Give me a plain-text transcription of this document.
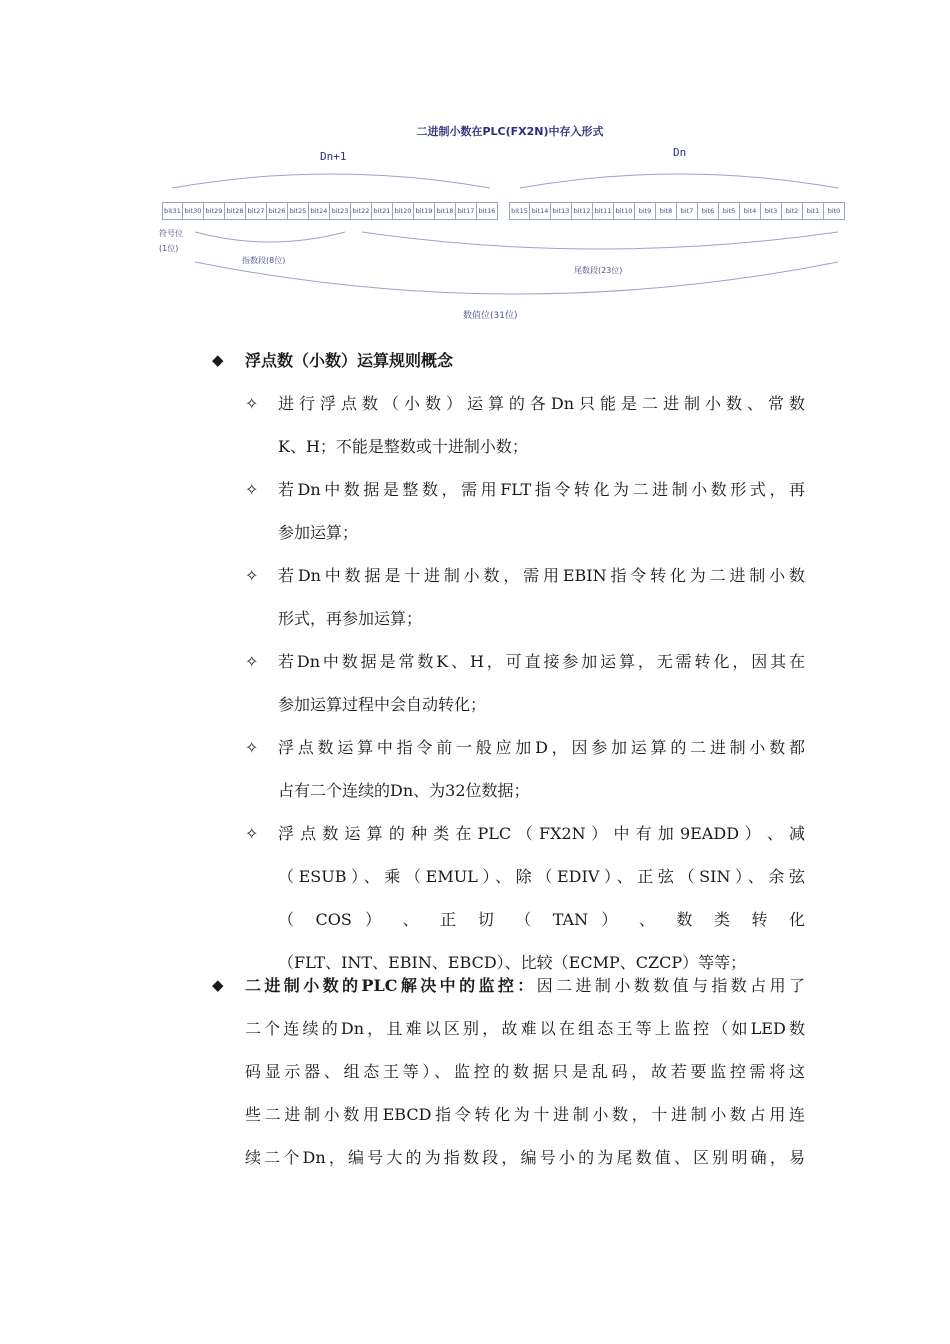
二进制小数在PLC(FX2N)中存入形式
Dn+1	Dn
bit31 bit30 bit29 bit28 bit27 bit26 bit25 bit24 bit23 bit22 bit21 bit20 bit19 bit18 bit17 bit16	bit15 bit14 bit13 bit12 bit11 bit10 bit9	bit8	bit7	bit6	bit5	bit4	bit3	bit2	bit1	bit0
符号位
(1位)
指数段(8位)
尾数段(23位)
数值位(31位)
◆ 浮点数（小数）运算规则概念
✧ 进行浮点数（小数）运算的各Dn只能是二进制小数、常数
K、H；不能是整数或十进制小数；
✧ 若Dn中数据是整数，需用FLT指令转化为二进制小数形式，再
参加运算；
✧ 若Dn中数据是十进制小数，需用EBIN指令转化为二进制小数
形式，再参加运算；
✧ 若Dn中数据是常数K、H，可直接参加运算，无需转化，因其在
参加运算过程中会自动转化；
✧ 浮点数运算中指令前一般应加D，因参加运算的二进制小数都
占有二个连续的Dn、为32位数据；
✧ 浮 点 数 运 算 的 种 类 在 PLC （ FX2N ） 中 有 加 9EADD ） 、 减
（ESUB）、乘（EMUL）、除（EDIV）、正弦（SIN）、余弦
（ COS ） 、 正 切 （ TAN ） 、 数 类 转 化
（FLT、INT、EBIN、EBCD）、比较（ECMP、CZCP）等等；
◆ 二进制小数的PLC解决中的监控：因二进制小数数值与指数占用了
二个连续的Dn，且难以区别，故难以在组态王等上监控（如LED数
码显示器、组态王等）、监控的数据只是乱码，故若要监控需将这
些二进制小数用EBCD指令转化为十进制小数，十进制小数占用连
续二个Dn，编号大的为指数段，编号小的为尾数值、区别明确，易
